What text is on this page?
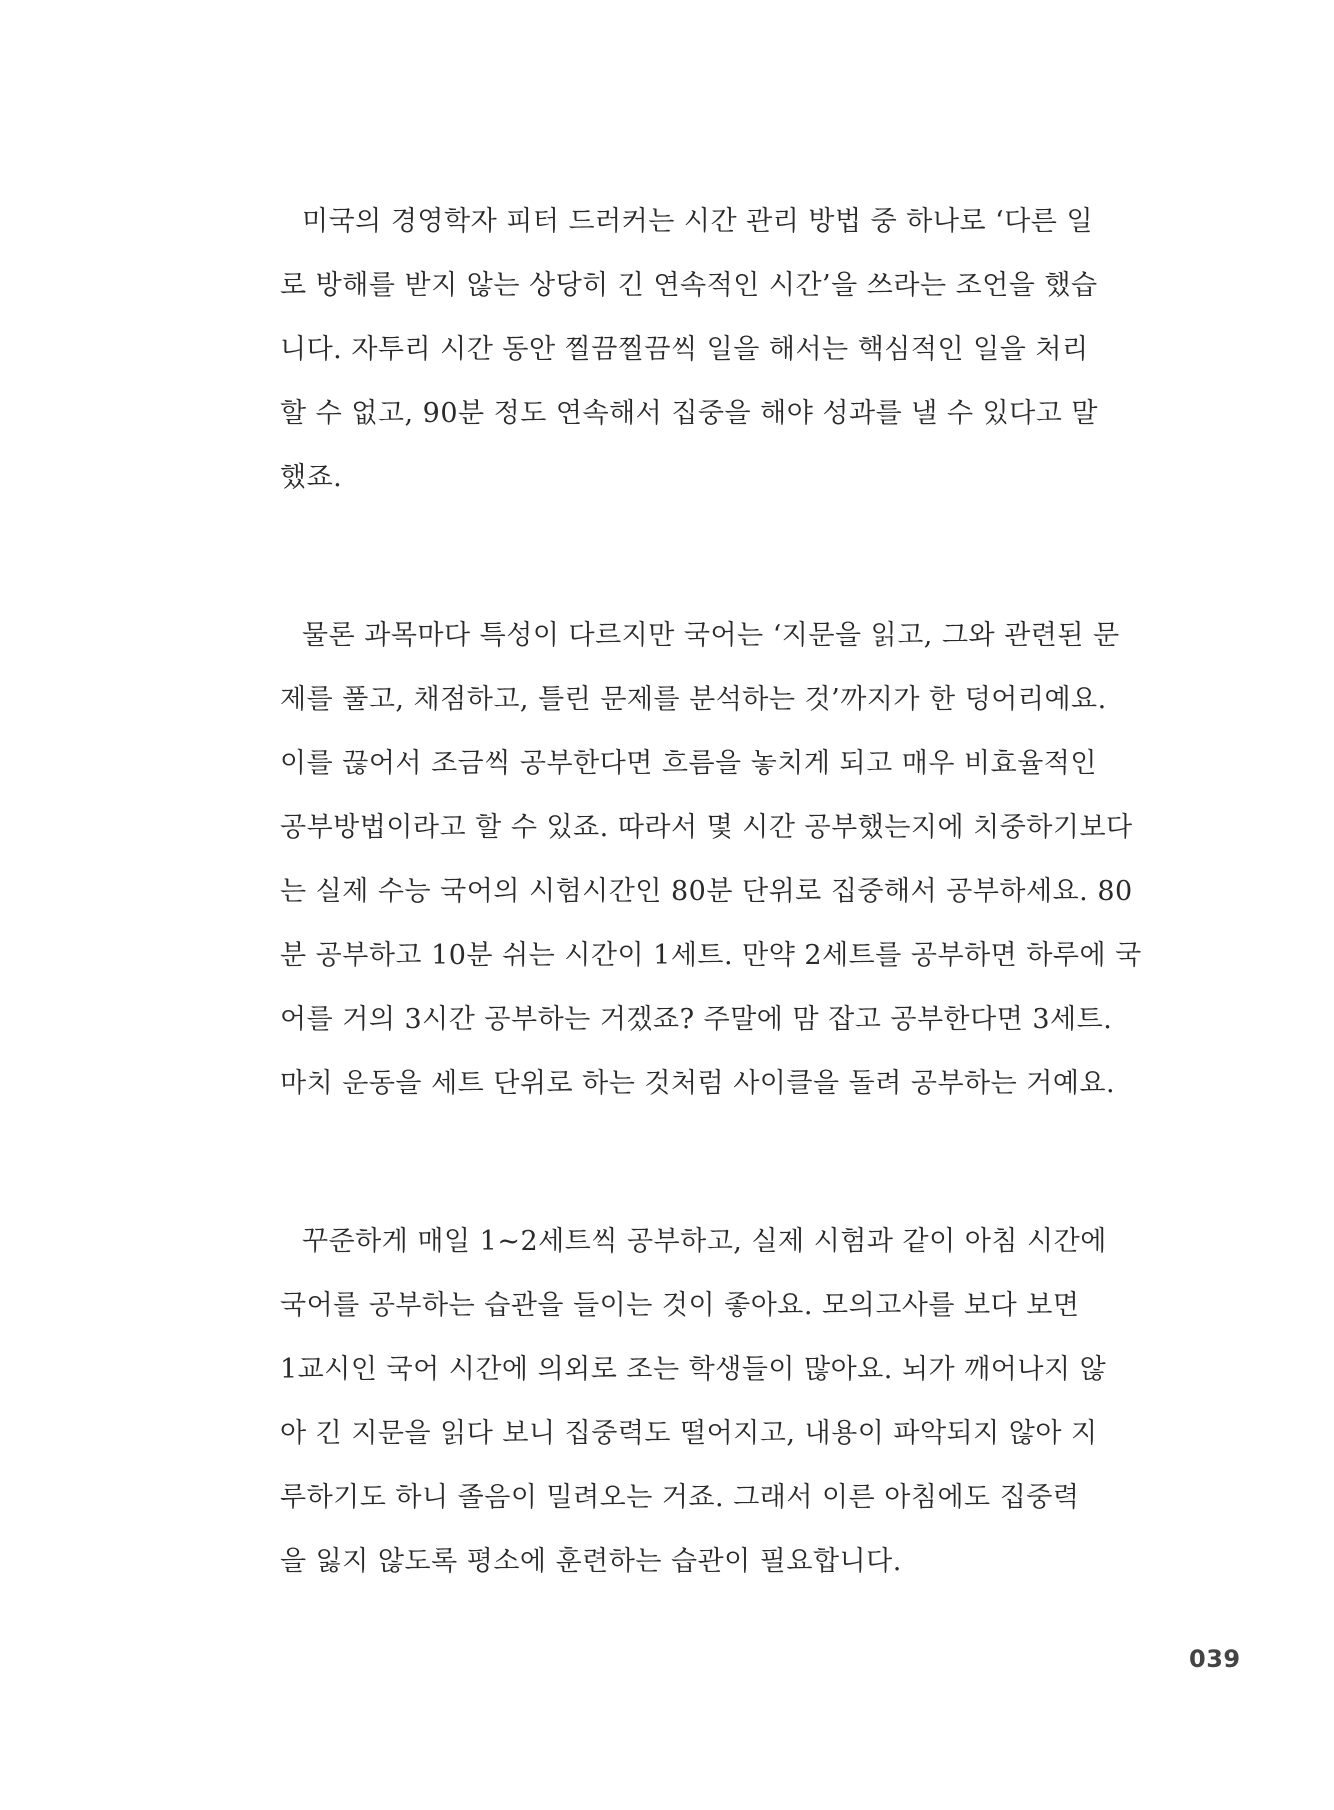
미국의 경영학자 피터 드러커는 시간 관리 방법 중 하나로 ‘다른 일
로 방해를 받지 않는 상당히 긴 연속적인 시간’을 쓰라는 조언을 했습
니다. 자투리 시간 동안 찔끔찔끔씩 일을 해서는 핵심적인 일을 처리
할 수 없고, 90분 정도 연속해서 집중을 해야 성과를 낼 수 있다고 말
했죠.

물론 과목마다 특성이 다르지만 국어는 ‘지문을 읽고, 그와 관련된 문
제를 풀고, 채점하고, 틀린 문제를 분석하는 것’까지가 한 덩어리예요.
이를 끊어서 조금씩 공부한다면 흐름을 놓치게 되고 매우 비효율적인
공부방법이라고 할 수 있죠. 따라서 몇 시간 공부했는지에 치중하기보다
는 실제 수능 국어의 시험시간인 80분 단위로 집중해서 공부하세요. 80
분 공부하고 10분 쉬는 시간이 1세트. 만약 2세트를 공부하면 하루에 국
어를 거의 3시간 공부하는 거겠죠? 주말에 맘 잡고 공부한다면 3세트.
마치 운동을 세트 단위로 하는 것처럼 사이클을 돌려 공부하는 거예요.

꾸준하게 매일 1~2세트씩 공부하고, 실제 시험과 같이 아침 시간에
국어를 공부하는 습관을 들이는 것이 좋아요. 모의고사를 보다 보면
1교시인 국어 시간에 의외로 조는 학생들이 많아요. 뇌가 깨어나지 않
아 긴 지문을 읽다 보니 집중력도 떨어지고, 내용이 파악되지 않아 지
루하기도 하니 졸음이 밀려오는 거죠. 그래서 이른 아침에도 집중력
을 잃지 않도록 평소에 훈련하는 습관이 필요합니다.

039
